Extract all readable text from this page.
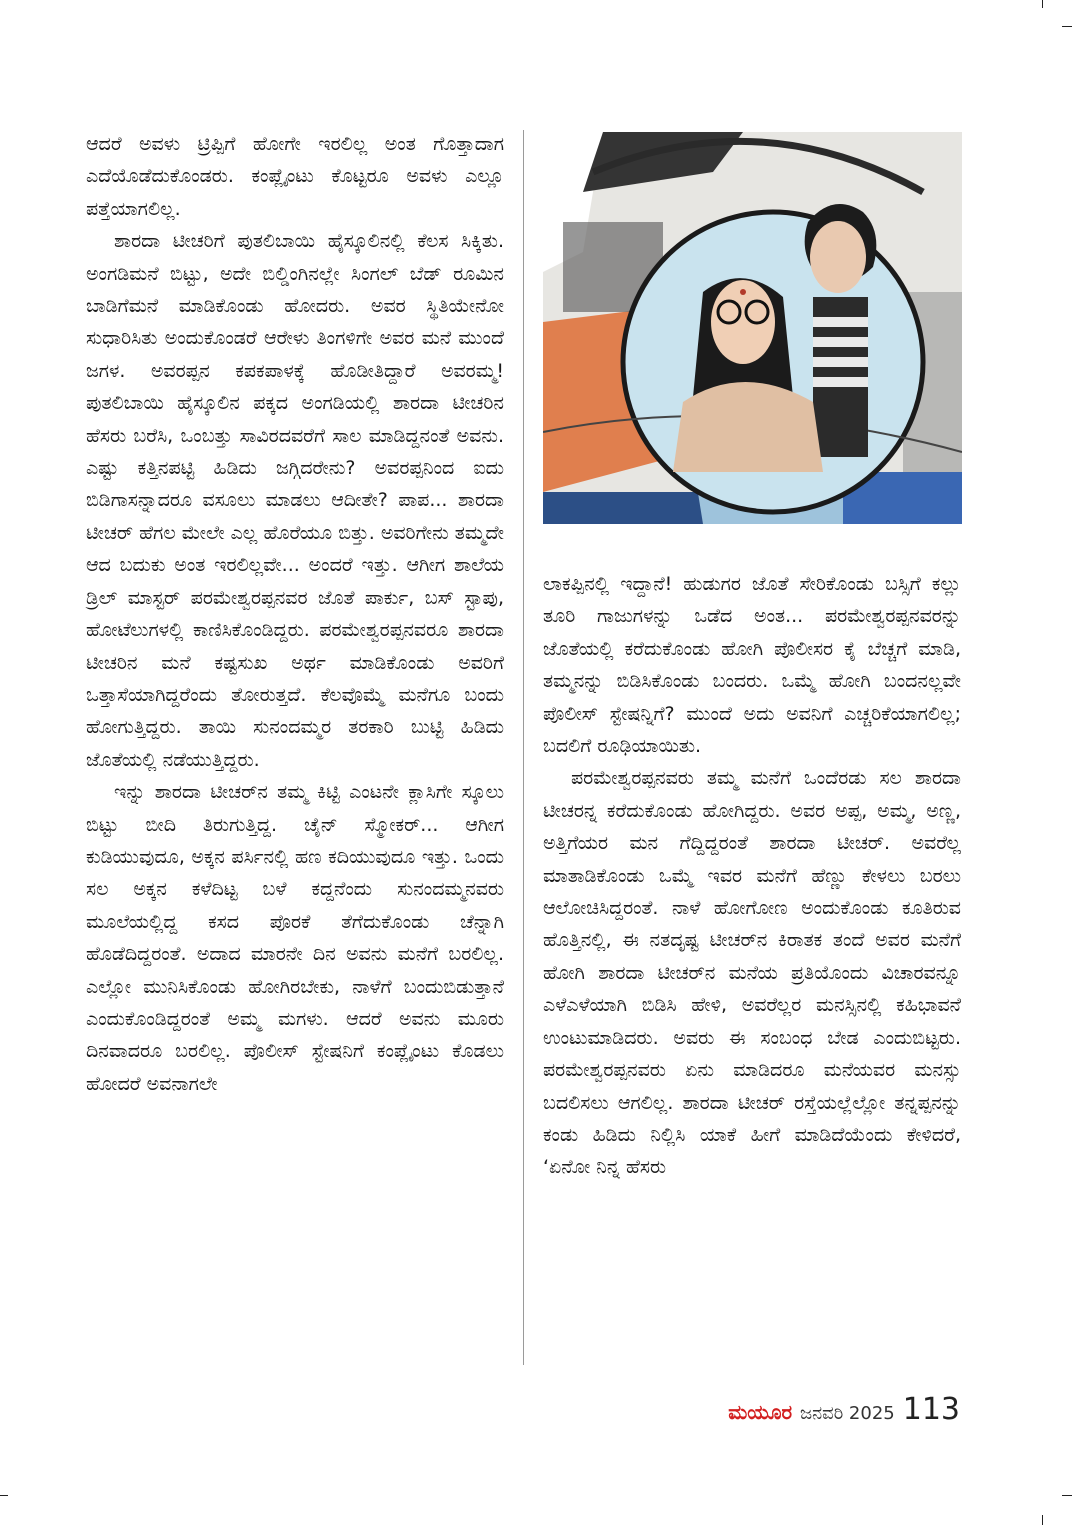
ಆದರೆ ಅವಳು ಟ್ರಿಪ್ಪಿಗೆ ಹೋಗೇ ಇರಲಿಲ್ಲ ಅಂತ ಗೊತ್ತಾದಾಗ ಎದೆಯೊಡೆದುಕೊಂಡರು. ಕಂಪ್ಲೈಂಟು ಕೊಟ್ಟರೂ ಅವಳು ಎಲ್ಲೂ ಪತ್ತೆಯಾಗಲಿಲ್ಲ.

ಶಾರದಾ ಟೀಚರಿಗೆ ಪುತಲಿಬಾಯಿ ಹೈಸ್ಕೂಲಿನಲ್ಲಿ ಕೆಲಸ ಸಿಕ್ಕಿತು. ಅಂಗಡಿಮನೆ ಬಿಟ್ಟು, ಅದೇ ಬಿಲ್ಡಿಂಗಿನಲ್ಲೇ ಸಿಂಗಲ್ ಬೆಡ್ ರೂಮಿನ ಬಾಡಿಗೆಮನೆ ಮಾಡಿಕೊಂಡು ಹೋದರು. ಅವರ ಸ್ಥಿತಿಯೇನೋ ಸುಧಾರಿಸಿತು ಅಂದುಕೊಂಡರೆ ಆರೇಳು ತಿಂಗಳಿಗೇ ಅವರ ಮನೆ ಮುಂದೆ ಜಗಳ. ಅವರಪ್ಪನ ಕಪಕಪಾಳಕ್ಕೆ ಹೊಡೀತಿದ್ದಾರೆ ಅವರಮ್ಮ! ಪುತಲಿಬಾಯಿ ಹೈಸ್ಕೂಲಿನ ಪಕ್ಕದ ಅಂಗಡಿಯಲ್ಲಿ ಶಾರದಾ ಟೀಚರಿನ ಹೆಸರು ಬರೆಸಿ, ಒಂಬತ್ತು ಸಾವಿರದವರೆಗೆ ಸಾಲ ಮಾಡಿದ್ದನಂತೆ ಅವನು. ಎಷ್ಟು ಕತ್ತಿನಪಟ್ಟಿ ಹಿಡಿದು ಜಗ್ಗಿದರೇನು? ಅವರಪ್ಪನಿಂದ ಐದು ಬಿಡಿಗಾಸನ್ನಾದರೂ ವಸೂಲು ಮಾಡಲು ಆದೀತೇ? ಪಾಪ... ಶಾರದಾ ಟೀಚರ್ ಹೆಗಲ ಮೇಲೇ ಎಲ್ಲ ಹೊರೆಯೂ ಬಿತ್ತು. ಅವರಿಗೇನು ತಮ್ಮದೇ ಆದ ಬದುಕು ಅಂತ ಇರಲಿಲ್ಲವೇ... ಅಂದರೆ ಇತ್ತು. ಆಗೀಗ ಶಾಲೆಯ ಡ್ರಿಲ್ ಮಾಸ್ಟರ್ ಪರಮೇಶ್ವರಪ್ಪನವರ ಜೊತೆ ಪಾರ್ಕು, ಬಸ್ ಸ್ಟಾಪು, ಹೋಟೆಲುಗಳಲ್ಲಿ ಕಾಣಿಸಿಕೊಂಡಿದ್ದರು. ಪರಮೇಶ್ವರಪ್ಪನವರೂ ಶಾರದಾ ಟೀಚರಿನ ಮನೆ ಕಷ್ಟಸುಖ ಅರ್ಥ ಮಾಡಿಕೊಂಡು ಅವರಿಗೆ ಒತ್ತಾಸೆಯಾಗಿದ್ದರೆಂದು ತೋರುತ್ತದೆ. ಕೆಲವೊಮ್ಮೆ ಮನೆಗೂ ಬಂದು ಹೋಗುತ್ತಿದ್ದರು. ತಾಯಿ ಸುನಂದಮ್ಮರ ತರಕಾರಿ ಬುಟ್ಟಿ ಹಿಡಿದು ಜೊತೆಯಲ್ಲಿ ನಡೆಯುತ್ತಿದ್ದರು.

ಇನ್ನು ಶಾರದಾ ಟೀಚರ್‌ನ ತಮ್ಮ ಕಿಟ್ಟಿ ಎಂಟನೇ ಕ್ಲಾಸಿಗೇ ಸ್ಕೂಲು ಬಿಟ್ಟು ಬೀದಿ ತಿರುಗುತ್ತಿದ್ದ. ಚೈನ್ ಸ್ಮೋಕರ್... ಆಗೀಗ ಕುಡಿಯುವುದೂ, ಅಕ್ಕನ ಪರ್ಸಿನಲ್ಲಿ ಹಣ ಕದಿಯುವುದೂ ಇತ್ತು. ಒಂದು ಸಲ ಅಕ್ಕನ ಕಳೆದಿಟ್ಟ ಬಳೆ ಕದ್ದನೆಂದು ಸುನಂದಮ್ಮನವರು ಮೂಲೆಯಲ್ಲಿದ್ದ ಕಸದ ಪೊರಕೆ ತೆಗೆದುಕೊಂಡು ಚೆನ್ನಾಗಿ ಹೊಡೆದಿದ್ದರಂತೆ. ಅದಾದ ಮಾರನೇ ದಿನ ಅವನು ಮನೆಗೆ ಬರಲಿಲ್ಲ. ಎಲ್ಲೋ ಮುನಿಸಿಕೊಂಡು ಹೋಗಿರಬೇಕು, ನಾಳೆಗೆ ಬಂದುಬಿಡುತ್ತಾನೆ ಎಂದುಕೊಂಡಿದ್ದರಂತೆ ಅಮ್ಮ ಮಗಳು. ಆದರೆ ಅವನು ಮೂರು ದಿನವಾದರೂ ಬರಲಿಲ್ಲ. ಪೊಲೀಸ್ ಸ್ಟೇಷನಿಗೆ ಕಂಪ್ಲೈಂಟು ಕೊಡಲು ಹೋದರೆ ಅವನಾಗಲೇ

ಲಾಕಪ್ಪಿನಲ್ಲಿ ಇದ್ದಾನೆ! ಹುಡುಗರ ಜೊತೆ ಸೇರಿಕೊಂಡು ಬಸ್ಸಿಗೆ ಕಲ್ಲು ತೂರಿ ಗಾಜುಗಳನ್ನು ಒಡೆದ ಅಂತ... ಪರಮೇಶ್ವರಪ್ಪನವರನ್ನು ಜೊತೆಯಲ್ಲಿ ಕರೆದುಕೊಂಡು ಹೋಗಿ ಪೊಲೀಸರ ಕೈ ಬೆಚ್ಚಗೆ ಮಾಡಿ, ತಮ್ಮನನ್ನು ಬಿಡಿಸಿಕೊಂಡು ಬಂದರು. ಒಮ್ಮೆ ಹೋಗಿ ಬಂದನಲ್ಲವೇ ಪೊಲೀಸ್ ಸ್ಟೇಷನ್ನಿಗೆ? ಮುಂದೆ ಅದು ಅವನಿಗೆ ಎಚ್ಚರಿಕೆಯಾಗಲಿಲ್ಲ; ಬದಲಿಗೆ ರೂಢಿಯಾಯಿತು.

ಪರಮೇಶ್ವರಪ್ಪನವರು ತಮ್ಮ ಮನೆಗೆ ಒಂದೆರಡು ಸಲ ಶಾರದಾ ಟೀಚರನ್ನ ಕರೆದುಕೊಂಡು ಹೋಗಿದ್ದರು. ಅವರ ಅಪ್ಪ, ಅಮ್ಮ, ಅಣ್ಣ, ಅತ್ತಿಗೆಯರ ಮನ ಗೆದ್ದಿದ್ದರಂತೆ ಶಾರದಾ ಟೀಚರ್. ಅವರೆಲ್ಲ ಮಾತಾಡಿಕೊಂಡು ಒಮ್ಮೆ ಇವರ ಮನೆಗೆ ಹೆಣ್ಣು ಕೇಳಲು ಬರಲು ಆಲೋಚಿಸಿದ್ದರಂತೆ. ನಾಳೆ ಹೋಗೋಣ ಅಂದುಕೊಂಡು ಕೂತಿರುವ ಹೊತ್ತಿನಲ್ಲಿ, ಈ ನತದೃಷ್ಟ ಟೀಚರ್‌ನ ಕಿರಾತಕ ತಂದೆ ಅವರ ಮನೆಗೆ ಹೋಗಿ ಶಾರದಾ ಟೀಚರ್‌ನ ಮನೆಯ ಪ್ರತಿಯೊಂದು ವಿಚಾರವನ್ನೂ ಎಳೆಎಳೆಯಾಗಿ ಬಿಡಿಸಿ ಹೇಳಿ, ಅವರೆಲ್ಲರ ಮನಸ್ಸಿನಲ್ಲಿ ಕಹಿಭಾವನೆ ಉಂಟುಮಾಡಿದರು. ಅವರು ಈ ಸಂಬಂಧ ಬೇಡ ಎಂದುಬಿಟ್ಟರು. ಪರಮೇಶ್ವರಪ್ಪನವರು ಏನು ಮಾಡಿದರೂ ಮನೆಯವರ ಮನಸ್ಸು ಬದಲಿಸಲು ಆಗಲಿಲ್ಲ. ಶಾರದಾ ಟೀಚರ್ ರಸ್ತೆಯಲ್ಲೆಲ್ಲೋ ತನ್ನಪ್ಪನನ್ನು ಕಂಡು ಹಿಡಿದು ನಿಲ್ಲಿಸಿ ಯಾಕೆ ಹೀಗೆ ಮಾಡಿದೆಯೆಂದು ಕೇಳಿದರೆ, ‘ಏನೋ ನಿನ್ನ ಹೆಸರು

ಮಯೂರ ಜನವರಿ 2025 113
